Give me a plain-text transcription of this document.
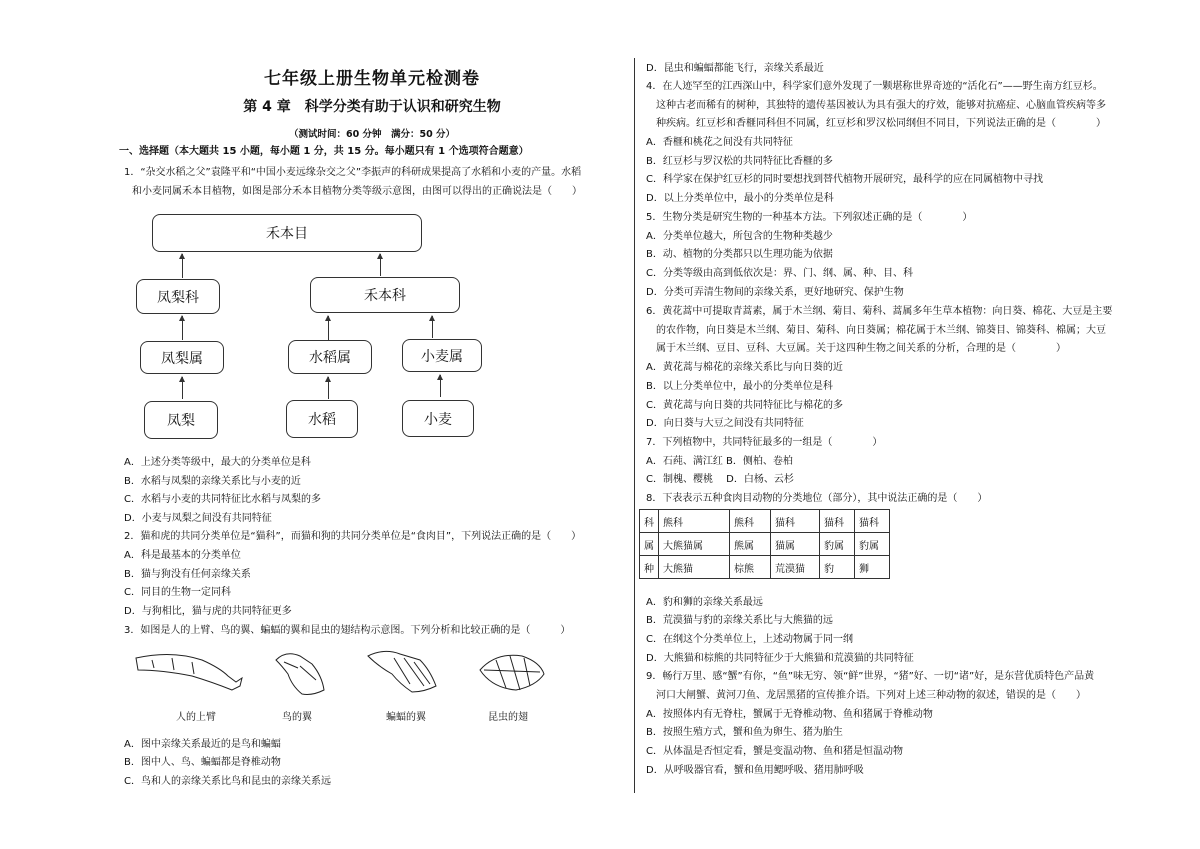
七年级上册生物单元检测卷
第 4 章　科学分类有助于认识和研究生物
（测试时间：60 分钟　满分：50 分）
一、选择题（本大题共 15 小题，每小题 1 分，共 15 分。每小题只有 1 个选项符合题意）
1．“杂交水稻之父”袁隆平和“中国小麦远缘杂交之父”李振声的科研成果提高了水稻和小麦的产量。水稻
和小麦同属禾本目植物，如图是部分禾本目植物分类等级示意图，由图可以得出的正确说法是（　　）
禾本目
凤梨科	禾本科
凤梨属	水稻属	小麦属
凤梨	水稻	小麦
A．上述分类等级中，最大的分类单位是科
B．水稻与凤梨的亲缘关系比与小麦的近
C．水稻与小麦的共同特征比水稻与凤梨的多
D．小麦与凤梨之间没有共同特征
2．猫和虎的共同分类单位是“猫科”，而猫和狗的共同分类单位是“食肉目”，下列说法正确的是（　　）
A．科是最基本的分类单位
B．猫与狗没有任何亲缘关系
C．同目的生物一定同科
D．与狗相比，猫与虎的共同特征更多
3．如图是人的上臂、鸟的翼、蝙蝠的翼和昆虫的翅结构示意图。下列分析和比较正确的是（　　　）
人的上臂	鸟的翼	蝙蝠的翼	昆虫的翅
A．图中亲缘关系最近的是鸟和蝙蝠
B．图中人、鸟、蝙蝠都是脊椎动物
C．鸟和人的亲缘关系比鸟和昆虫的亲缘关系远
D．昆虫和蝙蝠都能飞行，亲缘关系最近
4．在人迹罕至的江西深山中，科学家们意外发现了一颗堪称世界奇迹的“活化石”——野生南方红豆杉。
这种古老而稀有的树种，其独特的遗传基因被认为具有强大的疗效，能够对抗癌症、心脑血管疾病等多
种疾病。红豆杉和香榧同科但不同属，红豆杉和罗汉松同纲但不同目，下列说法正确的是（　　　　）
A．香榧和桃花之间没有共同特征
B．红豆杉与罗汉松的共同特征比香榧的多
C．科学家在保护红豆杉的同时要想找到替代植物开展研究，最科学的应在同属植物中寻找
D．以上分类单位中，最小的分类单位是科
5．生物分类是研究生物的一种基本方法。下列叙述正确的是（　　　　）
A．分类单位越大，所包含的生物种类越少
B．动、植物的分类都只以生理功能为依据
C．分类等级由高到低依次是：界、门、纲、属、种、目、科
D．分类可弄清生物间的亲缘关系，更好地研究、保护生物
6．黄花蒿中可提取青蒿素，属于木兰纲、菊目、菊科、蒿属多年生草本植物：向日葵、棉花、大豆是主要
的农作物，向日葵是木兰纲、菊目、菊科、向日葵属；棉花属于木兰纲、锦葵目、锦葵科、棉属；大豆
属于木兰纲、豆目、豆科、大豆属。关于这四种生物之间关系的分析，合理的是（　　　　）
A．黄花蒿与棉花的亲缘关系比与向日葵的近
B．以上分类单位中，最小的分类单位是科
C．黄花蒿与向日葵的共同特征比与棉花的多
D．向日葵与大豆之间没有共同特征
7．下列植物中，共同特征最多的一组是（　　　　）
A．石莼、满江红 B．侧柏、卷柏
C．制槐、樱桃　 D．白杨、云杉
8．下表表示五种食肉目动物的分类地位（部分），其中说法正确的是（　　）
科	熊科	熊科	猫科	猫科	猫科
属	大熊猫属	熊属	猫属	豹属	豹属
种	大熊猫	棕熊	荒漠猫	豹	狮
A．豹和狮的亲缘关系最远
B．荒漠猫与豹的亲缘关系比与大熊猫的远
C．在纲这个分类单位上，上述动物属于同一纲
D．大熊猫和棕熊的共同特征少于大熊猫和荒漠猫的共同特征
9．畅行万里、感“蟹”有你，“鱼”味无穷、领“鲜”世界，“猪”好、一切“诸”好，是东营优质特色产品黄
河口大闸蟹、黄河刀鱼、龙居黑猪的宣传推介语。下列对上述三种动物的叙述，错误的是（　　）
A．按照体内有无脊柱，蟹属于无脊椎动物、鱼和猪属于脊椎动物
B．按照生殖方式，蟹和鱼为卵生、猪为胎生
C．从体温是否恒定看，蟹是变温动物、鱼和猪是恒温动物
D．从呼吸器官看，蟹和鱼用鳃呼吸、猪用肺呼吸
